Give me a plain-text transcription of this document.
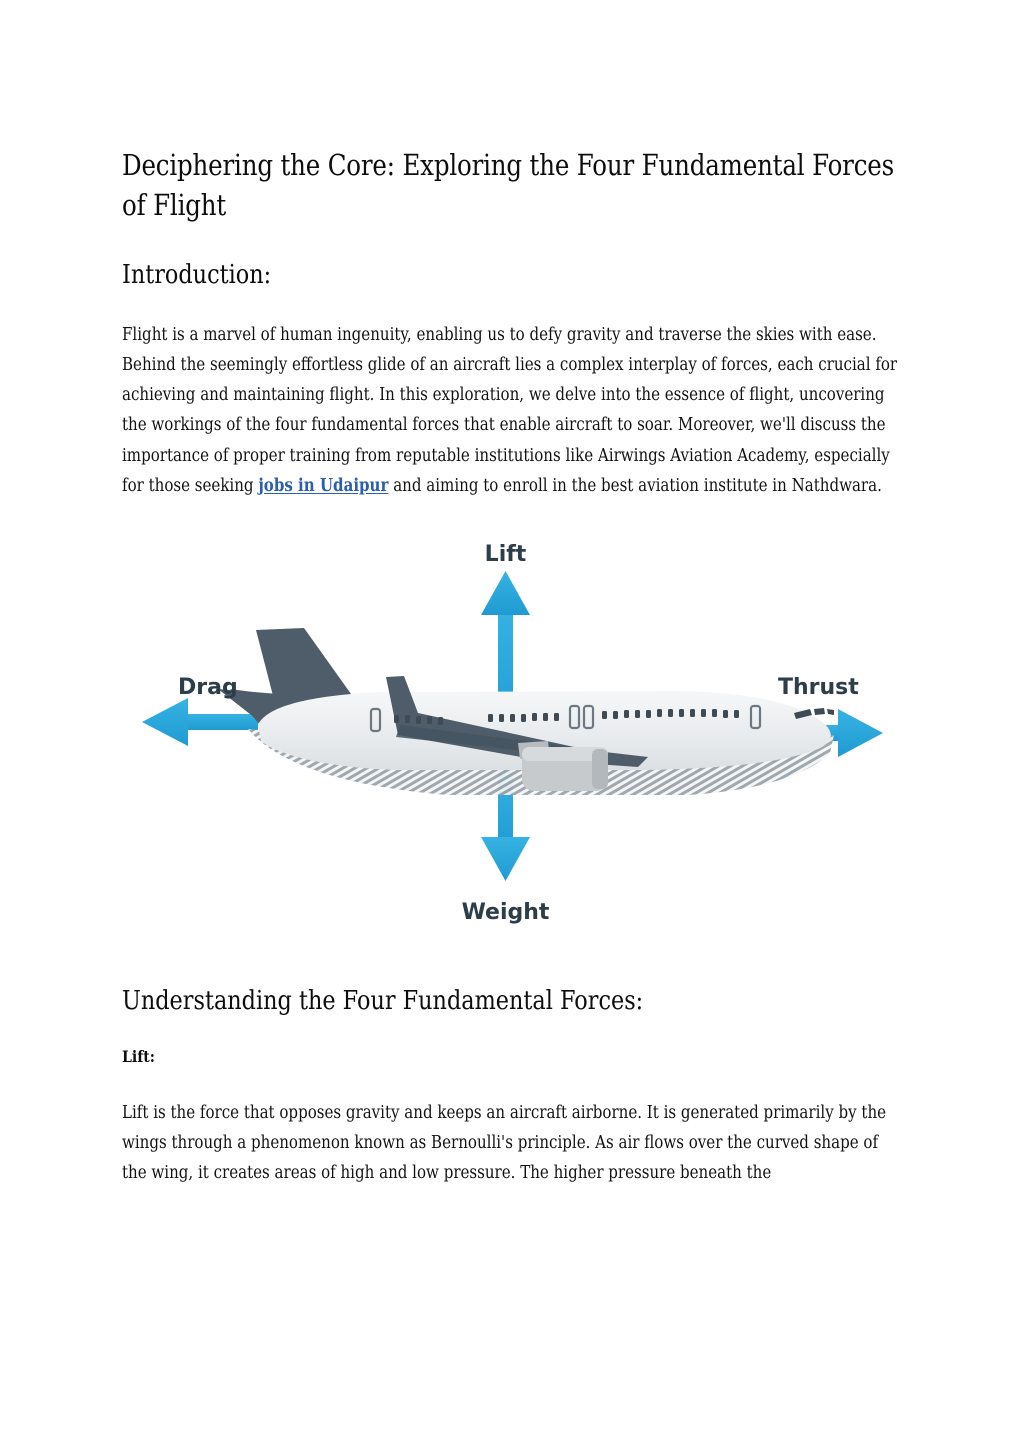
Deciphering the Core: Exploring the Four Fundamental Forces of Flight
Introduction:

Flight is a marvel of human ingenuity, enabling us to defy gravity and traverse the skies with ease. Behind the seemingly effortless glide of an aircraft lies a complex interplay of forces, each crucial for achieving and maintaining flight. In this exploration, we delve into the essence of flight, uncovering the workings of the four fundamental forces that enable aircraft to soar. Moreover, we'll discuss the importance of proper training from reputable institutions like Airwings Aviation Academy, especially for those seeking jobs in Udaipur and aiming to enroll in the best aviation institute in Nathdwara.

Lift
Weight
Drag	Thrust
Understanding the Four Fundamental Forces:
Lift:

Lift is the force that opposes gravity and keeps an aircraft airborne. It is generated primarily by the wings through a phenomenon known as Bernoulli's principle. As air flows over the curved shape of the wing, it creates areas of high and low pressure. The higher pressure beneath the
